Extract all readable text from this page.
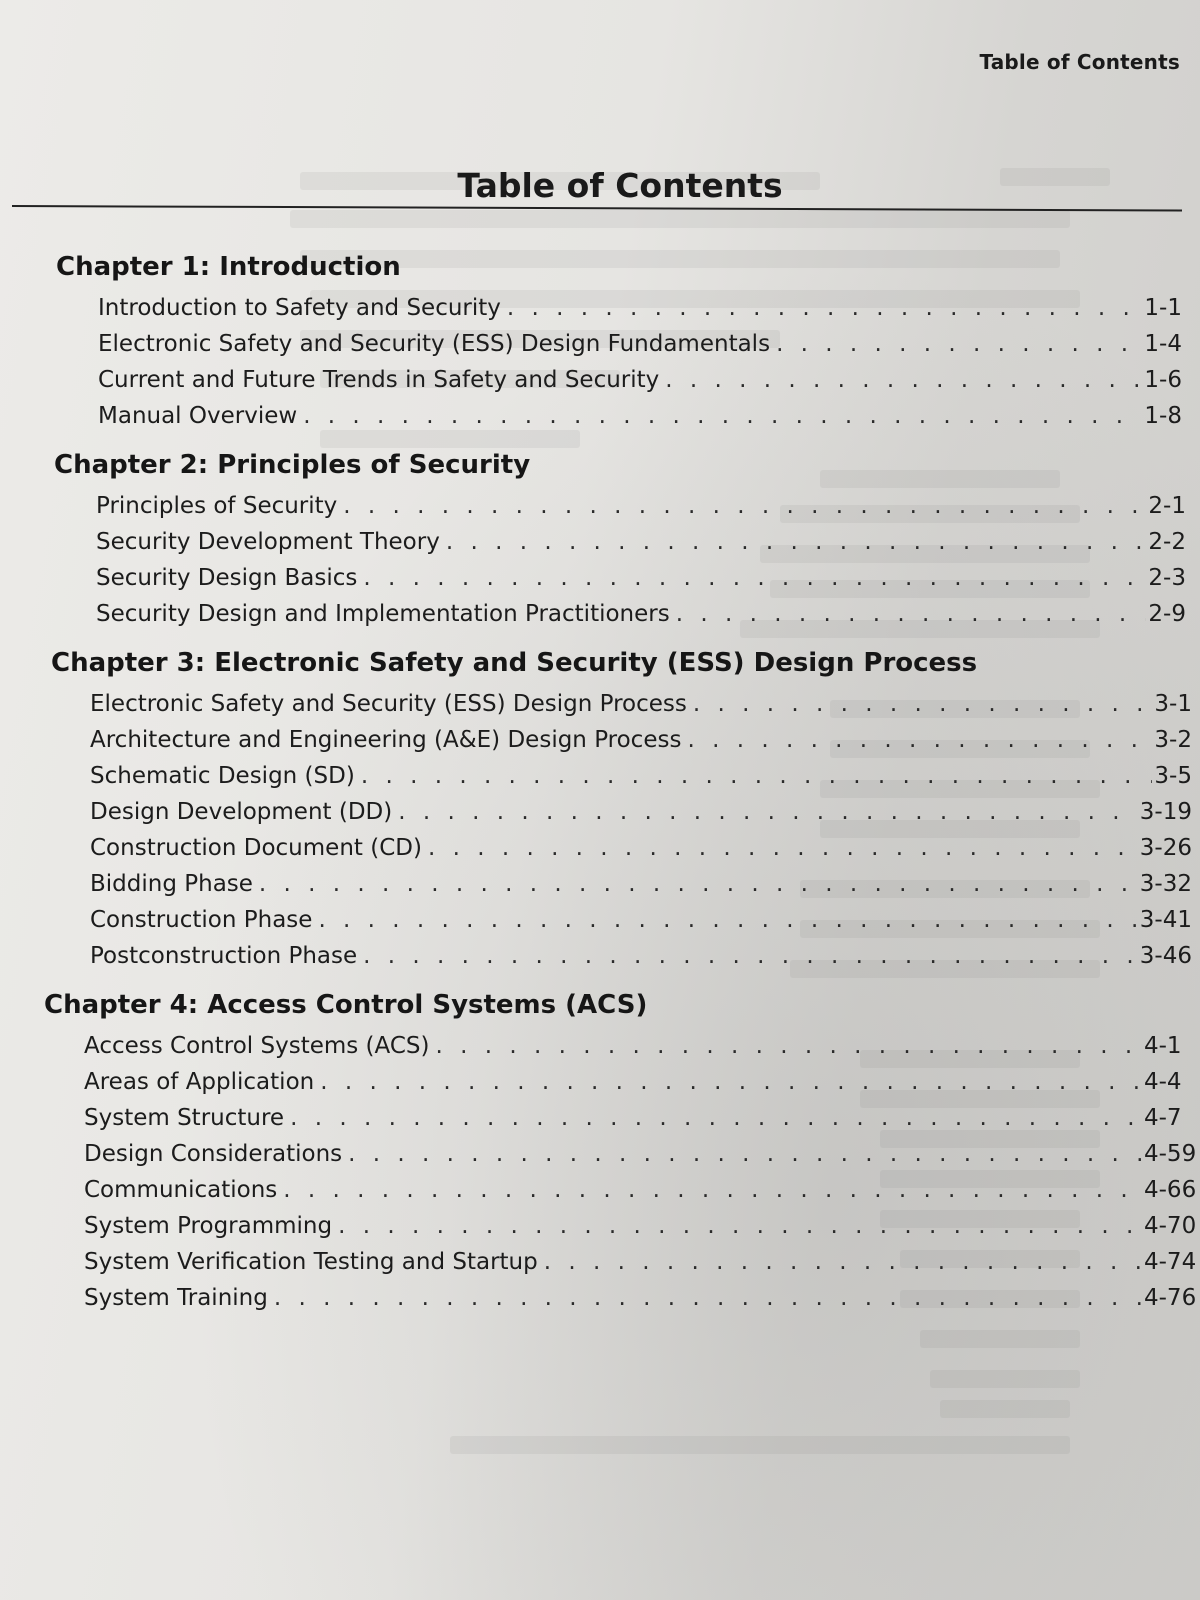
Table of Contents
Table of Contents
Chapter 1: Introduction
Introduction to Safety and Security . . .	1-1
Electronic Safety and Security (ESS) Design Fundamentals . . .	1-4
Current and Future Trends in Safety and Security . . .	1-6
Manual Overview . . .	1-8
Chapter 2: Principles of Security
Principles of Security . . .	2-1
Security Development Theory . . .	2-2
Security Design Basics . . .	2-3
Security Design and Implementation Practitioners . . .	2-9
Chapter 3: Electronic Safety and Security (ESS) Design Process
Electronic Safety and Security (ESS) Design Process . . .	3-1
Architecture and Engineering (A&E) Design Process . . .	3-2
Schematic Design (SD) . . .	3-5
Design Development (DD) . . .	3-19
Construction Document (CD) . . .	3-26
Bidding Phase . . .	3-32
Construction Phase . . .	3-41
Postconstruction Phase . . .	3-46
Chapter 4: Access Control Systems (ACS)
Access Control Systems (ACS) . . .	4-1
Areas of Application . . .	4-4
System Structure . . .	4-7
Design Considerations . . .	4-59
Communications . . .	4-66
System Programming . . .	4-70
System Verification Testing and Startup . . .	4-74
System Training . . .	4-76
